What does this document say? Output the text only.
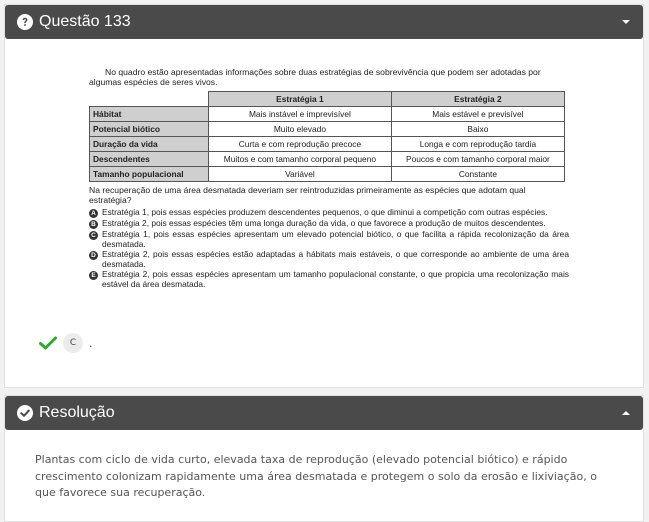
Questão 133

No quadro estão apresentadas informações sobre duas estratégias de sobrevivência que podem ser adotadas por algumas espécies de seres vivos.

	Estratégia 1	Estratégia 2
Hábitat	Mais instável e imprevisível	Mais estável e previsível
Potencial biótico	Muito elevado	Baixo
Duração da vida	Curta e com reprodução precoce	Longa e com reprodução tardia
Descendentes	Muitos e com tamanho corporal pequeno	Poucos e com tamanho corporal maior
Tamanho populacional	Variável	Constante

Na recuperação de uma área desmatada deveriam ser reintroduzidas primeiramente as espécies que adotam qual estratégia?

A Estratégia 1, pois essas espécies produzem descendentes pequenos, o que diminui a competição com outras espécies.
B Estratégia 2, pois essas espécies têm uma longa duração da vida, o que favorece a produção de muitos descendentes.
C Estratégia 1, pois essas espécies apresentam um elevado potencial biótico, o que facilita a rápida recolonização da área desmatada.
D Estratégia 2, pois essas espécies estão adaptadas a hábitats mais estáveis, o que corresponde ao ambiente de uma área desmatada.
E Estratégia 2, pois essas espécies apresentam um tamanho populacional constante, o que propicia uma recolonização mais estável da área desmatada.
C	.
Resolução

Plantas com ciclo de vida curto, elevada taxa de reprodução (elevado potencial biótico) e rápido crescimento colonizam rapidamente uma área desmatada e protegem o solo da erosão e lixiviação, o que favorece sua recuperação.
